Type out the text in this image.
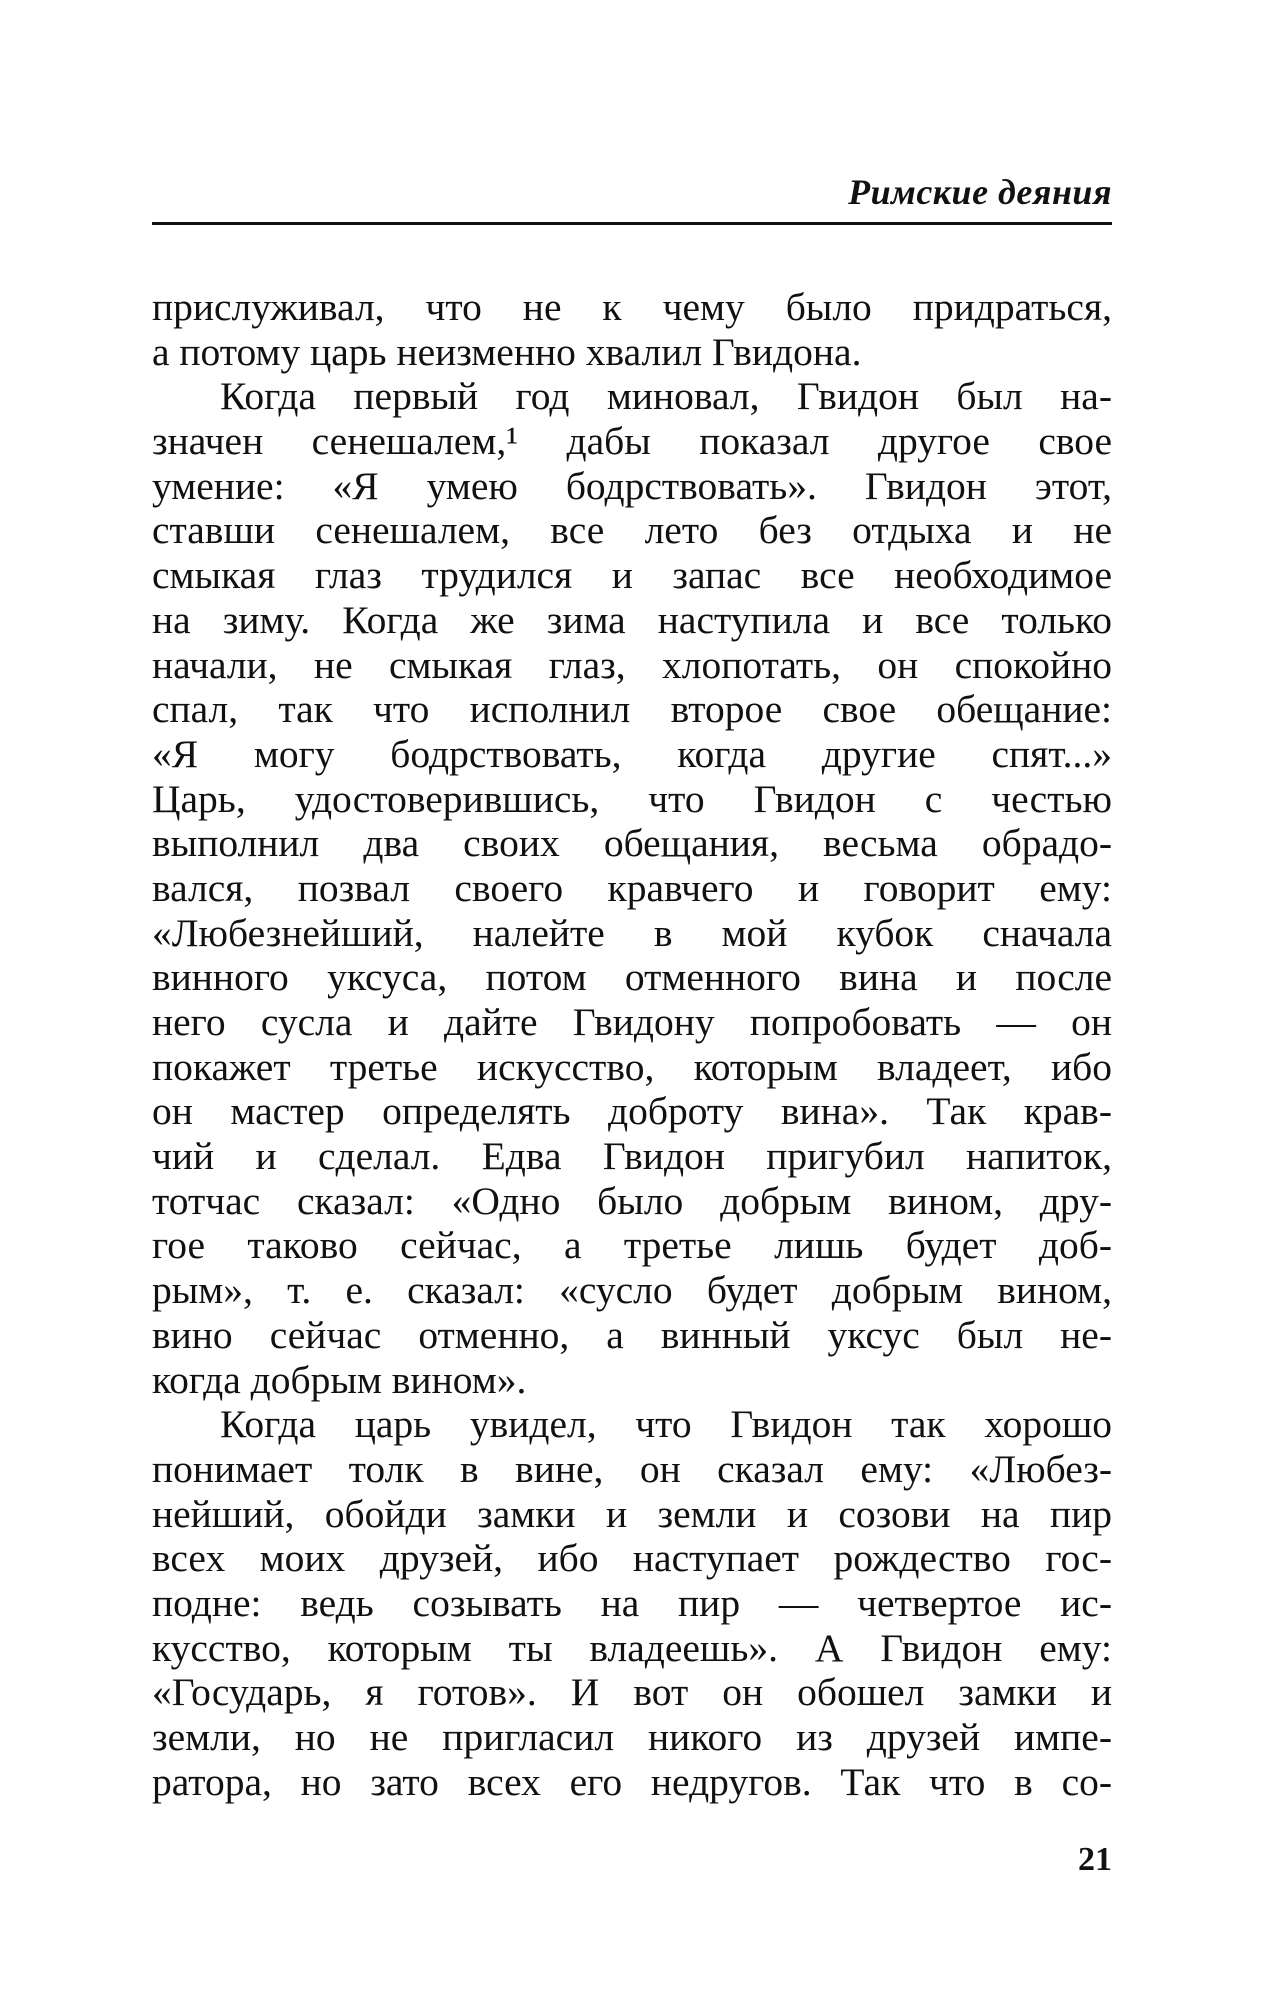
Римские деяния
прислуживал, что не к чему было придраться,
а потому царь неизменно хвалил Гвидона.
Когда первый год миновал, Гвидон был на-
значен сенешалем,¹ дабы показал другое свое
умение: «Я умею бодрствовать». Гвидон этот,
ставши сенешалем, все лето без отдыха и не
смыкая глаз трудился и запас все необходимое
на зиму. Когда же зима наступила и все только
начали, не смыкая глаз, хлопотать, он спокойно
спал, так что исполнил второе свое обещание:
«Я могу бодрствовать, когда другие спят...»
Царь, удостоверившись, что Гвидон с честью
выполнил два своих обещания, весьма обрадо-
вался, позвал своего кравчего и говорит ему:
«Любезнейший, налейте в мой кубок сначала
винного уксуса, потом отменного вина и после
него сусла и дайте Гвидону попробовать — он
покажет третье искусство, которым владеет, ибо
он мастер определять доброту вина». Так крав-
чий и сделал. Едва Гвидон пригубил напиток,
тотчас сказал: «Одно было добрым вином, дру-
гое таково сейчас, а третье лишь будет доб-
рым», т. е. сказал: «сусло будет добрым вином,
вино сейчас отменно, а винный уксус был не-
когда добрым вином».
Когда царь увидел, что Гвидон так хорошо
понимает толк в вине, он сказал ему: «Любез-
нейший, обойди замки и земли и созови на пир
всех моих друзей, ибо наступает рождество гос-
подне: ведь созывать на пир — четвертое ис-
кусство, которым ты владеешь». А Гвидон ему:
«Государь, я готов». И вот он обошел замки и
земли, но не пригласил никого из друзей импе-
ратора, но зато всех его недругов. Так что в со-
21
